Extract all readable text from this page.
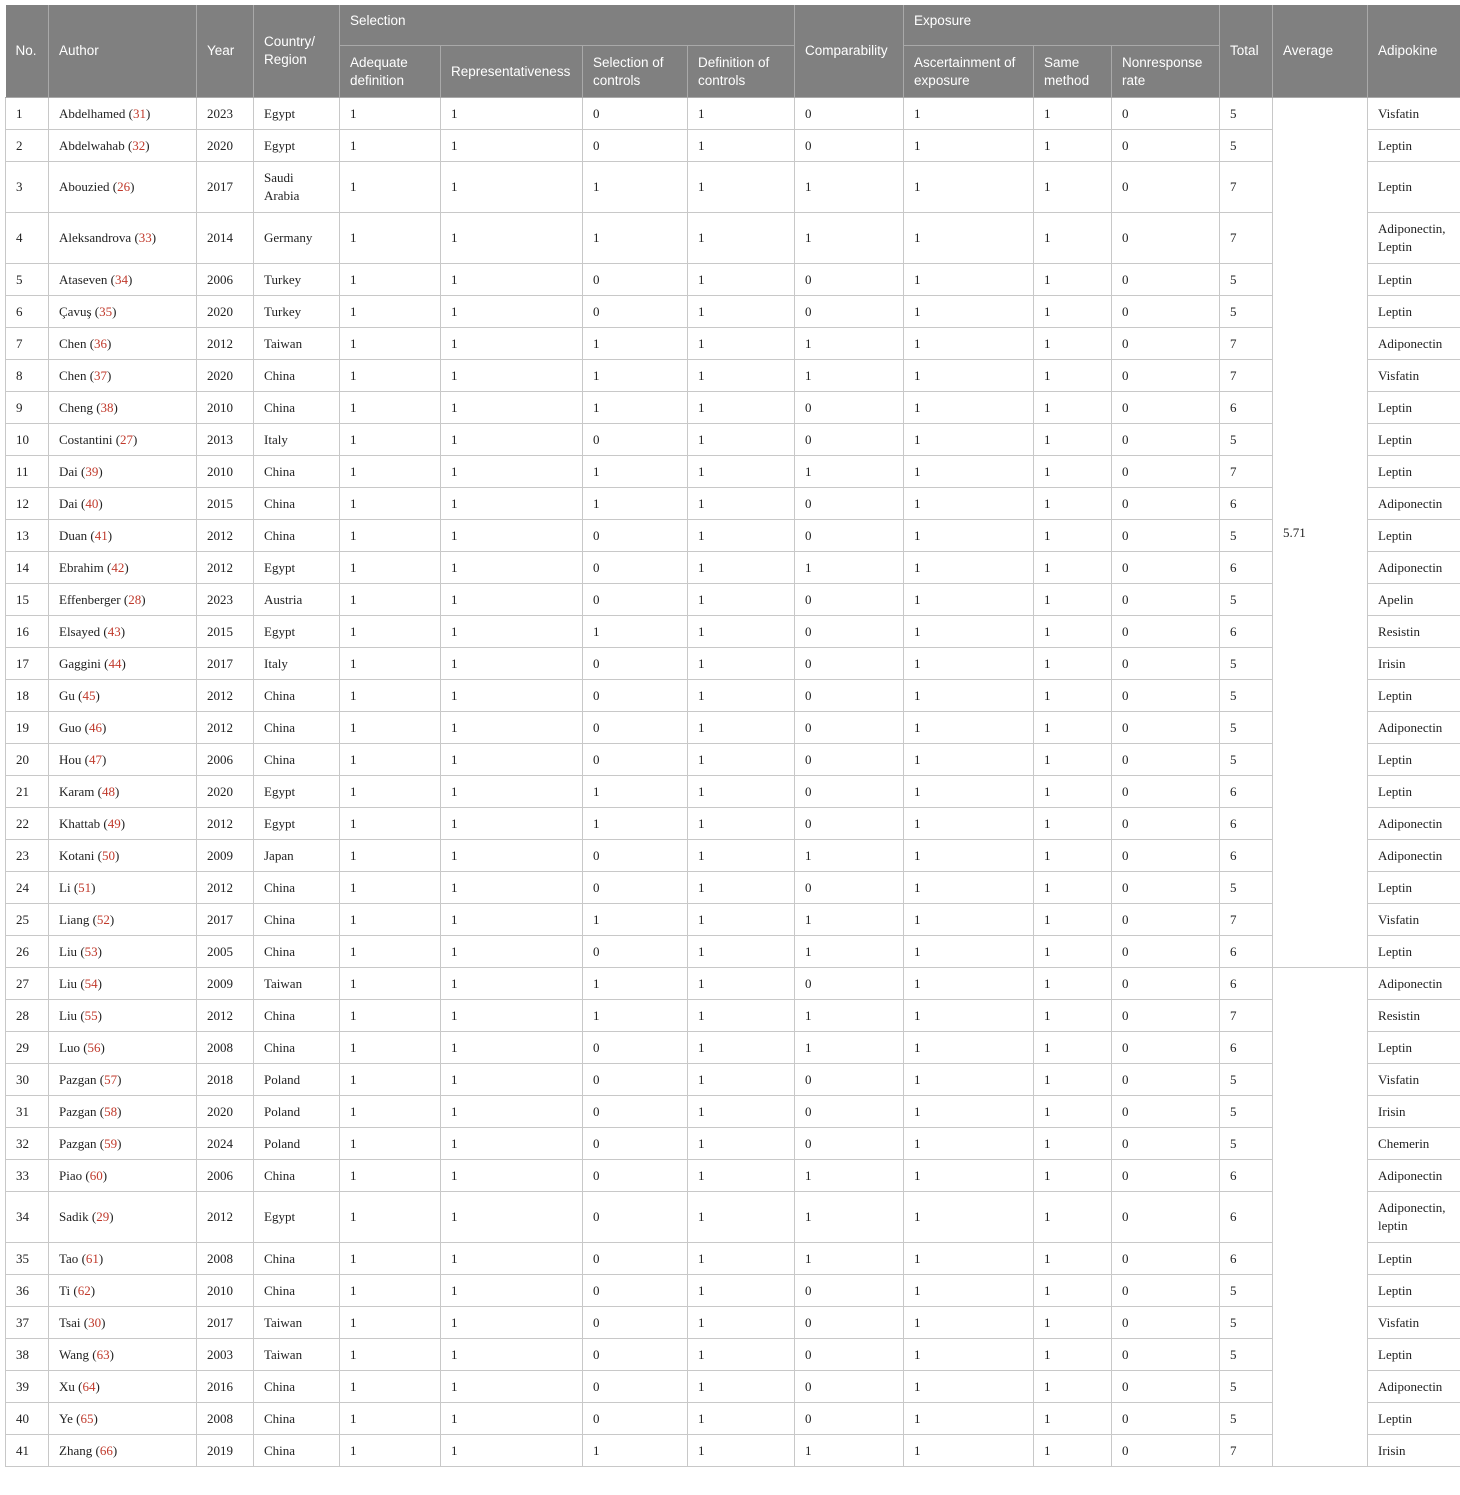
No.	Author	Year	Country/ Region	Selection				Comparability	Exposure			Total	Average	Adipokine
				Adequate definition	Representativeness	Selection of controls	Definition of controls		Ascertainment of exposure	Same method	Nonresponse rate			
1	Abdelhamed (31)	2023	Egypt	1	1	0	1	0	1	1	0	5	5.71	Visfatin
2	Abdelwahab (32)	2020	Egypt	1	1	0	1	0	1	1	0	5		Leptin
3	Abouzied (26)	2017	Saudi Arabia	1	1	1	1	1	1	1	0	7		Leptin
4	Aleksandrova (33)	2014	Germany	1	1	1	1	1	1	1	0	7		Adiponectin, Leptin
5	Ataseven (34)	2006	Turkey	1	1	0	1	0	1	1	0	5		Leptin
6	Çavuş (35)	2020	Turkey	1	1	0	1	0	1	1	0	5		Leptin
7	Chen (36)	2012	Taiwan	1	1	1	1	1	1	1	0	7		Adiponectin
8	Chen (37)	2020	China	1	1	1	1	1	1	1	0	7		Visfatin
9	Cheng (38)	2010	China	1	1	1	1	0	1	1	0	6		Leptin
10	Costantini (27)	2013	Italy	1	1	0	1	0	1	1	0	5		Leptin
11	Dai (39)	2010	China	1	1	1	1	1	1	1	0	7		Leptin
12	Dai (40)	2015	China	1	1	1	1	0	1	1	0	6		Adiponectin
13	Duan (41)	2012	China	1	1	0	1	0	1	1	0	5		Leptin
14	Ebrahim (42)	2012	Egypt	1	1	0	1	1	1	1	0	6		Adiponectin
15	Effenberger (28)	2023	Austria	1	1	0	1	0	1	1	0	5		Apelin
16	Elsayed (43)	2015	Egypt	1	1	1	1	0	1	1	0	6		Resistin
17	Gaggini (44)	2017	Italy	1	1	0	1	0	1	1	0	5		Irisin
18	Gu (45)	2012	China	1	1	0	1	0	1	1	0	5		Leptin
19	Guo (46)	2012	China	1	1	0	1	0	1	1	0	5		Adiponectin
20	Hou (47)	2006	China	1	1	0	1	0	1	1	0	5		Leptin
21	Karam (48)	2020	Egypt	1	1	1	1	0	1	1	0	6		Leptin
22	Khattab (49)	2012	Egypt	1	1	1	1	0	1	1	0	6		Adiponectin
23	Kotani (50)	2009	Japan	1	1	0	1	1	1	1	0	6		Adiponectin
24	Li (51)	2012	China	1	1	0	1	0	1	1	0	5		Leptin
25	Liang (52)	2017	China	1	1	1	1	1	1	1	0	7		Visfatin
26	Liu (53)	2005	China	1	1	0	1	1	1	1	0	6		Leptin
27	Liu (54)	2009	Taiwan	1	1	1	1	0	1	1	0	6		Adiponectin
28	Liu (55)	2012	China	1	1	1	1	1	1	1	0	7		Resistin
29	Luo (56)	2008	China	1	1	0	1	1	1	1	0	6		Leptin
30	Pazgan (57)	2018	Poland	1	1	0	1	0	1	1	0	5		Visfatin
31	Pazgan (58)	2020	Poland	1	1	0	1	0	1	1	0	5		Irisin
32	Pazgan (59)	2024	Poland	1	1	0	1	0	1	1	0	5		Chemerin
33	Piao (60)	2006	China	1	1	0	1	1	1	1	0	6		Adiponectin
34	Sadik (29)	2012	Egypt	1	1	0	1	1	1	1	0	6		Adiponectin, leptin
35	Tao (61)	2008	China	1	1	0	1	1	1	1	0	6		Leptin
36	Ti (62)	2010	China	1	1	0	1	0	1	1	0	5		Leptin
37	Tsai (30)	2017	Taiwan	1	1	0	1	0	1	1	0	5		Visfatin
38	Wang (63)	2003	Taiwan	1	1	0	1	0	1	1	0	5		Leptin
39	Xu (64)	2016	China	1	1	0	1	0	1	1	0	5		Adiponectin
40	Ye (65)	2008	China	1	1	0	1	0	1	1	0	5		Leptin
41	Zhang (66)	2019	China	1	1	1	1	1	1	1	0	7		Irisin
